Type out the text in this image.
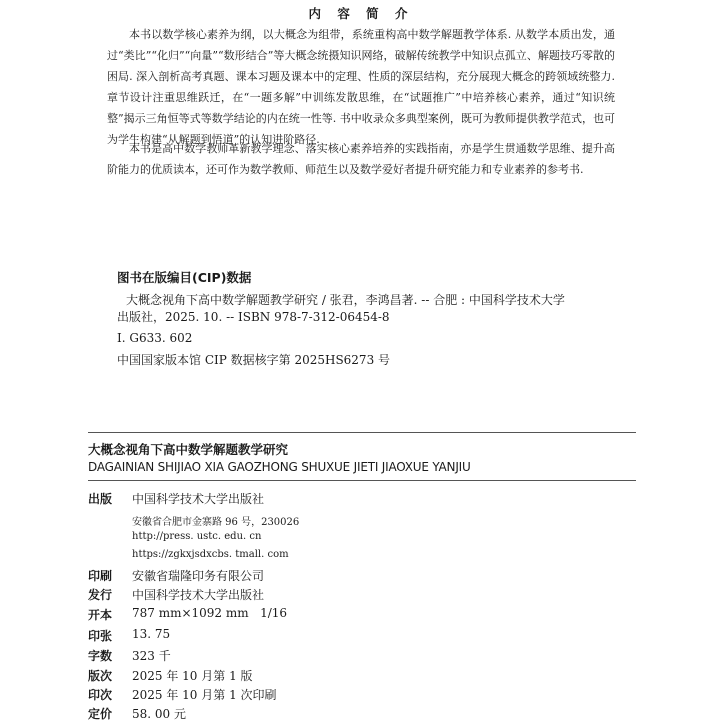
内 容 简 介
本书以数学核心素养为纲，以大概念为组带，系统重构高中数学解题教学体系. 从数学本质出发，通过“类比”“化归”“向量”“数形结合”等大概念统摄知识网络，破解传统教学中知识点孤立、解题技巧零散的困局. 深入剖析高考真题、课本习题及课本中的定理、性质的深层结构，充分展现大概念的跨领域统整力. 章节设计注重思维跃迁，在“一题多解”中训练发散思维，在“试题推广”中培养核心素养，通过“知识统整”揭示三角恒等式等数学结论的内在统一性等. 书中收录众多典型案例，既可为教师提供教学范式，也可为学生构建“从解题到悟道”的认知进阶路径.
本书是高中数学教师革新教学理念、落实核心素养培养的实践指南，亦是学生贯通数学思维、提升高阶能力的优质读本，还可作为数学教师、师范生以及数学爱好者提升研究能力和专业素养的参考书.
图书在版编目(CIP)数据
大概念视角下高中数学解题教学研究 / 张君，李鸿昌著. -- 合肥 : 中国科学技术大学
出版社，2025. 10. -- ISBN 978-7-312-06454-8
Ⅰ. G633. 602
中国国家版本馆 CIP 数据核字第 2025HS6273 号
大概念视角下高中数学解题教学研究
DAGAINIAN SHIJIAO XIA GAOZHONG SHUXUE JIETI JIAOXUE YANJIU
出版 中国科学技术大学出版社
安徽省合肥市金寨路 96 号，230026
http://press. ustc. edu. cn
https://zgkxjsdxcbs. tmall. com
印刷 安徽省瑞隆印务有限公司
发行 中国科学技术大学出版社
开本 787 mm×1092 mm   1/16
印张 13. 75
字数 323 千
版次 2025 年 10 月第 1 版
印次 2025 年 10 月第 1 次印刷
定价 58. 00 元
